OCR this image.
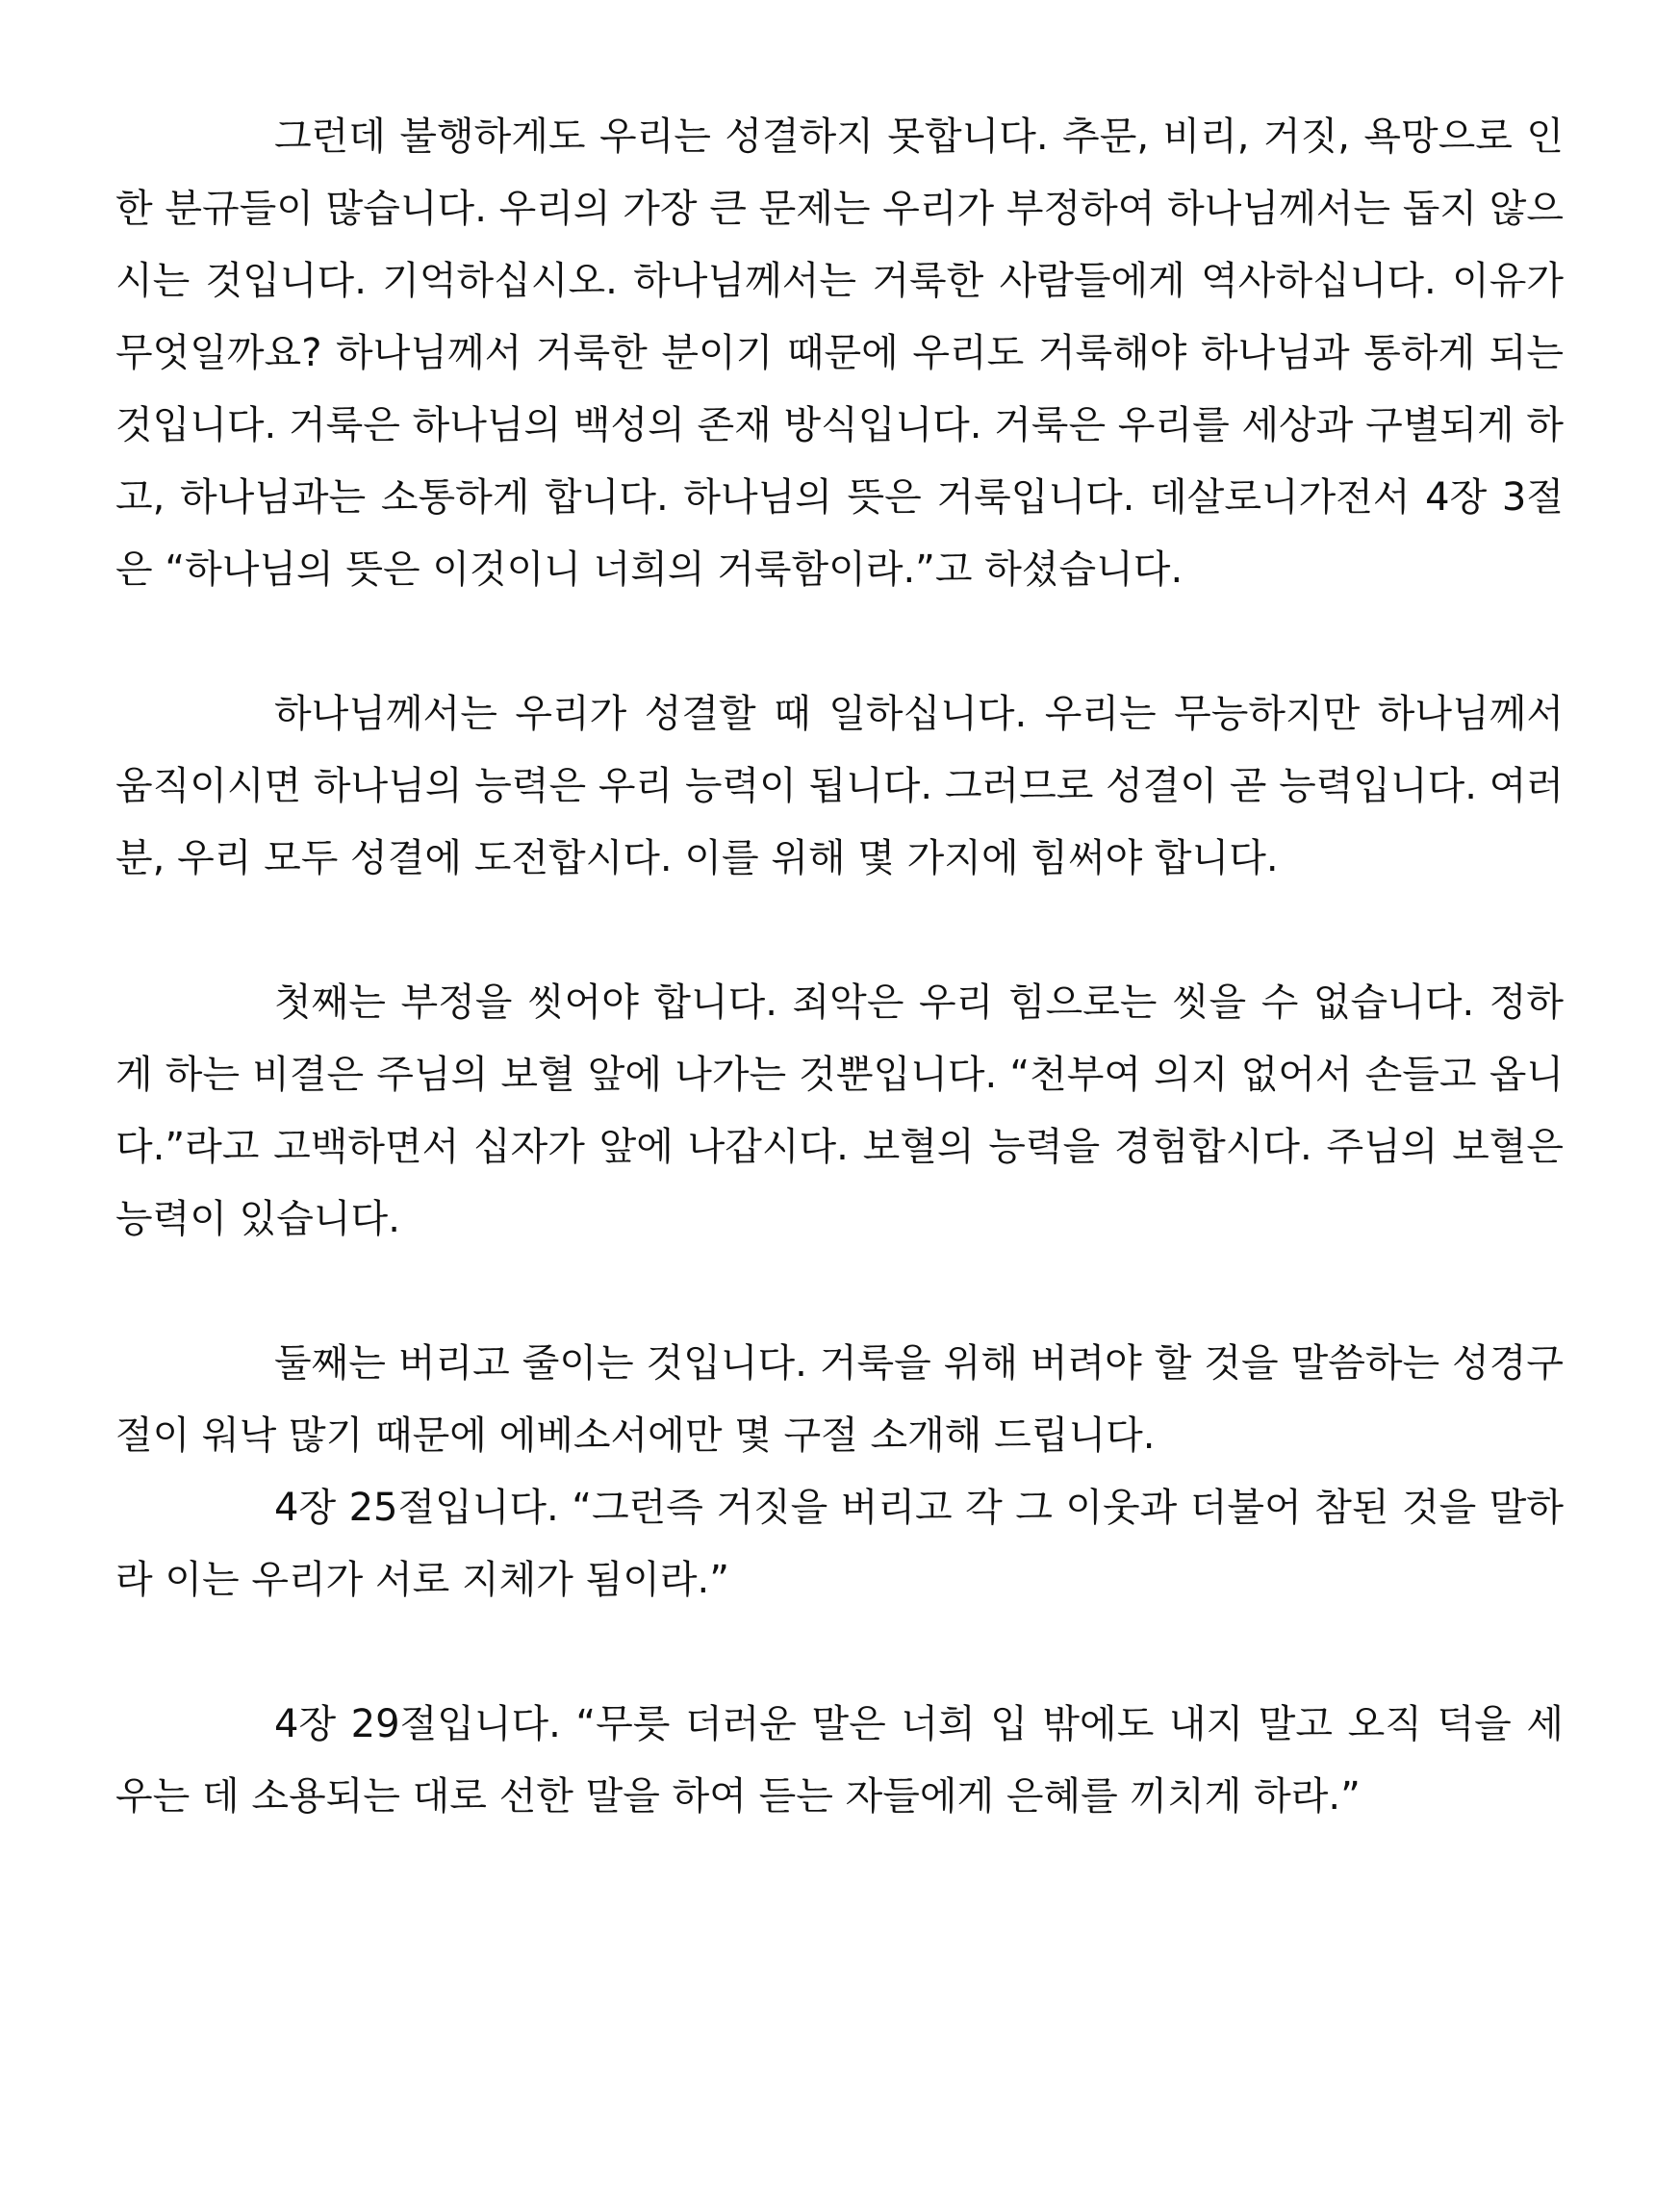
그런데 불행하게도 우리는 성결하지 못합니다. 추문, 비리, 거짓, 욕망으로 인한 분규들이 많습니다. 우리의 가장 큰 문제는 우리가 부정하여 하나님께서는 돕지 않으시는 것입니다. 기억하십시오. 하나님께서는 거룩한 사람들에게 역사하십니다. 이유가 무엇일까요? 하나님께서 거룩한 분이기 때문에 우리도 거룩해야 하나님과 통하게 되는 것입니다. 거룩은 하나님의 백성의 존재 방식입니다. 거룩은 우리를 세상과 구별되게 하고, 하나님과는 소통하게 합니다. 하나님의 뜻은 거룩입니다. 데살로니가전서 4장 3절은 “하나님의 뜻은 이것이니 너희의 거룩함이라.”고 하셨습니다.

하나님께서는 우리가 성결할 때 일하십니다. 우리는 무능하지만 하나님께서 움직이시면 하나님의 능력은 우리 능력이 됩니다. 그러므로 성결이 곧 능력입니다. 여러분, 우리 모두 성결에 도전합시다. 이를 위해 몇 가지에 힘써야 합니다.

첫째는 부정을 씻어야 합니다. 죄악은 우리 힘으로는 씻을 수 없습니다. 정하게 하는 비결은 주님의 보혈 앞에 나가는 것뿐입니다. “천부여 의지 없어서 손들고 옵니다.”라고 고백하면서 십자가 앞에 나갑시다. 보혈의 능력을 경험합시다. 주님의 보혈은 능력이 있습니다.

둘째는 버리고 줄이는 것입니다. 거룩을 위해 버려야 할 것을 말씀하는 성경구절이 워낙 많기 때문에 에베소서에만 몇 구절 소개해 드립니다.

4장 25절입니다. “그런즉 거짓을 버리고 각 그 이웃과 더불어 참된 것을 말하라 이는 우리가 서로 지체가 됨이라.”

4장 29절입니다. “무릇 더러운 말은 너희 입 밖에도 내지 말고 오직 덕을 세우는 데 소용되는 대로 선한 말을 하여 듣는 자들에게 은혜를 끼치게 하라.”
